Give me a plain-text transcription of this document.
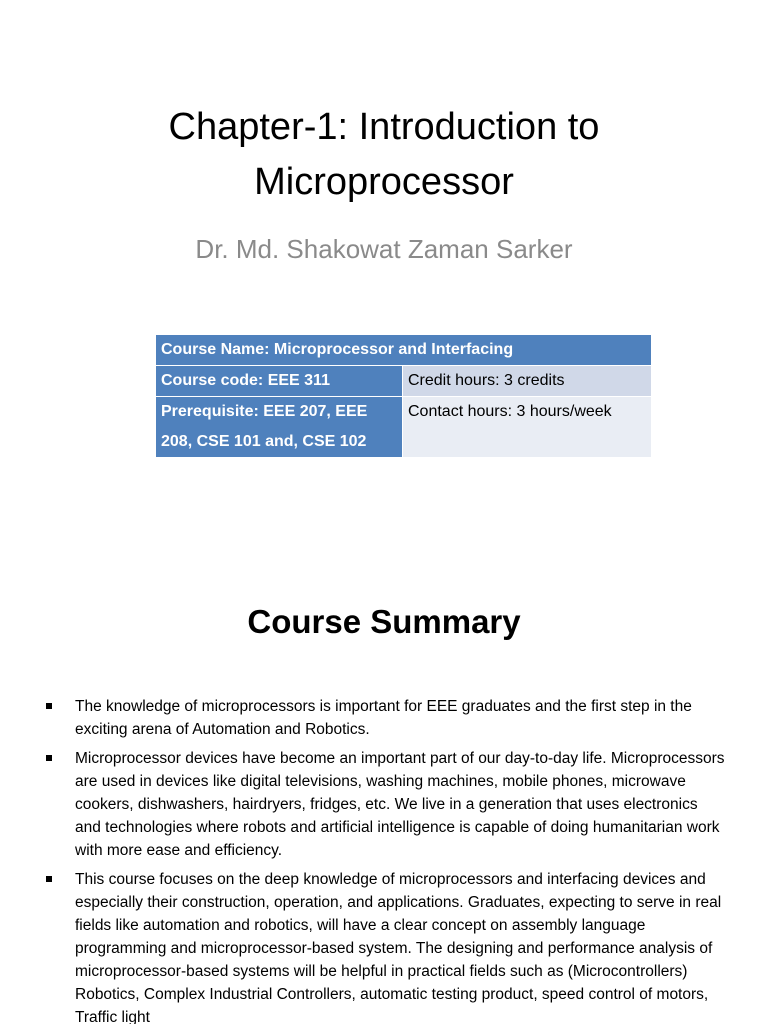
Chapter-1: Introduction to Microprocessor

Dr. Md. Shakowat Zaman Sarker

Course Name: Microprocessor and Interfacing	
Course code: EEE 311	Credit hours: 3 credits
Prerequisite: EEE 207, EEE 208, CSE 101 and, CSE 102	Contact hours: 3 hours/week
Course Summary
The knowledge of microprocessors is important for EEE graduates and the first step in the exciting arena of Automation and Robotics.
Microprocessor devices have become an important part of our day-to-day life. Microprocessors are used in devices like digital televisions, washing machines, mobile phones, microwave cookers, dishwashers, hairdryers, fridges, etc. We live in a generation that uses electronics and technologies where robots and artificial intelligence is capable of doing humanitarian work with more ease and efficiency.
This course focuses on the deep knowledge of microprocessors and interfacing devices and especially their construction, operation, and applications. Graduates, expecting to serve in real fields like automation and robotics, will have a clear concept on assembly language programming and microprocessor-based system. The designing and performance analysis of microprocessor-based systems will be helpful in practical fields such as (Microcontrollers) Robotics, Complex Industrial Controllers, automatic testing product, speed control of motors, Traffic light
